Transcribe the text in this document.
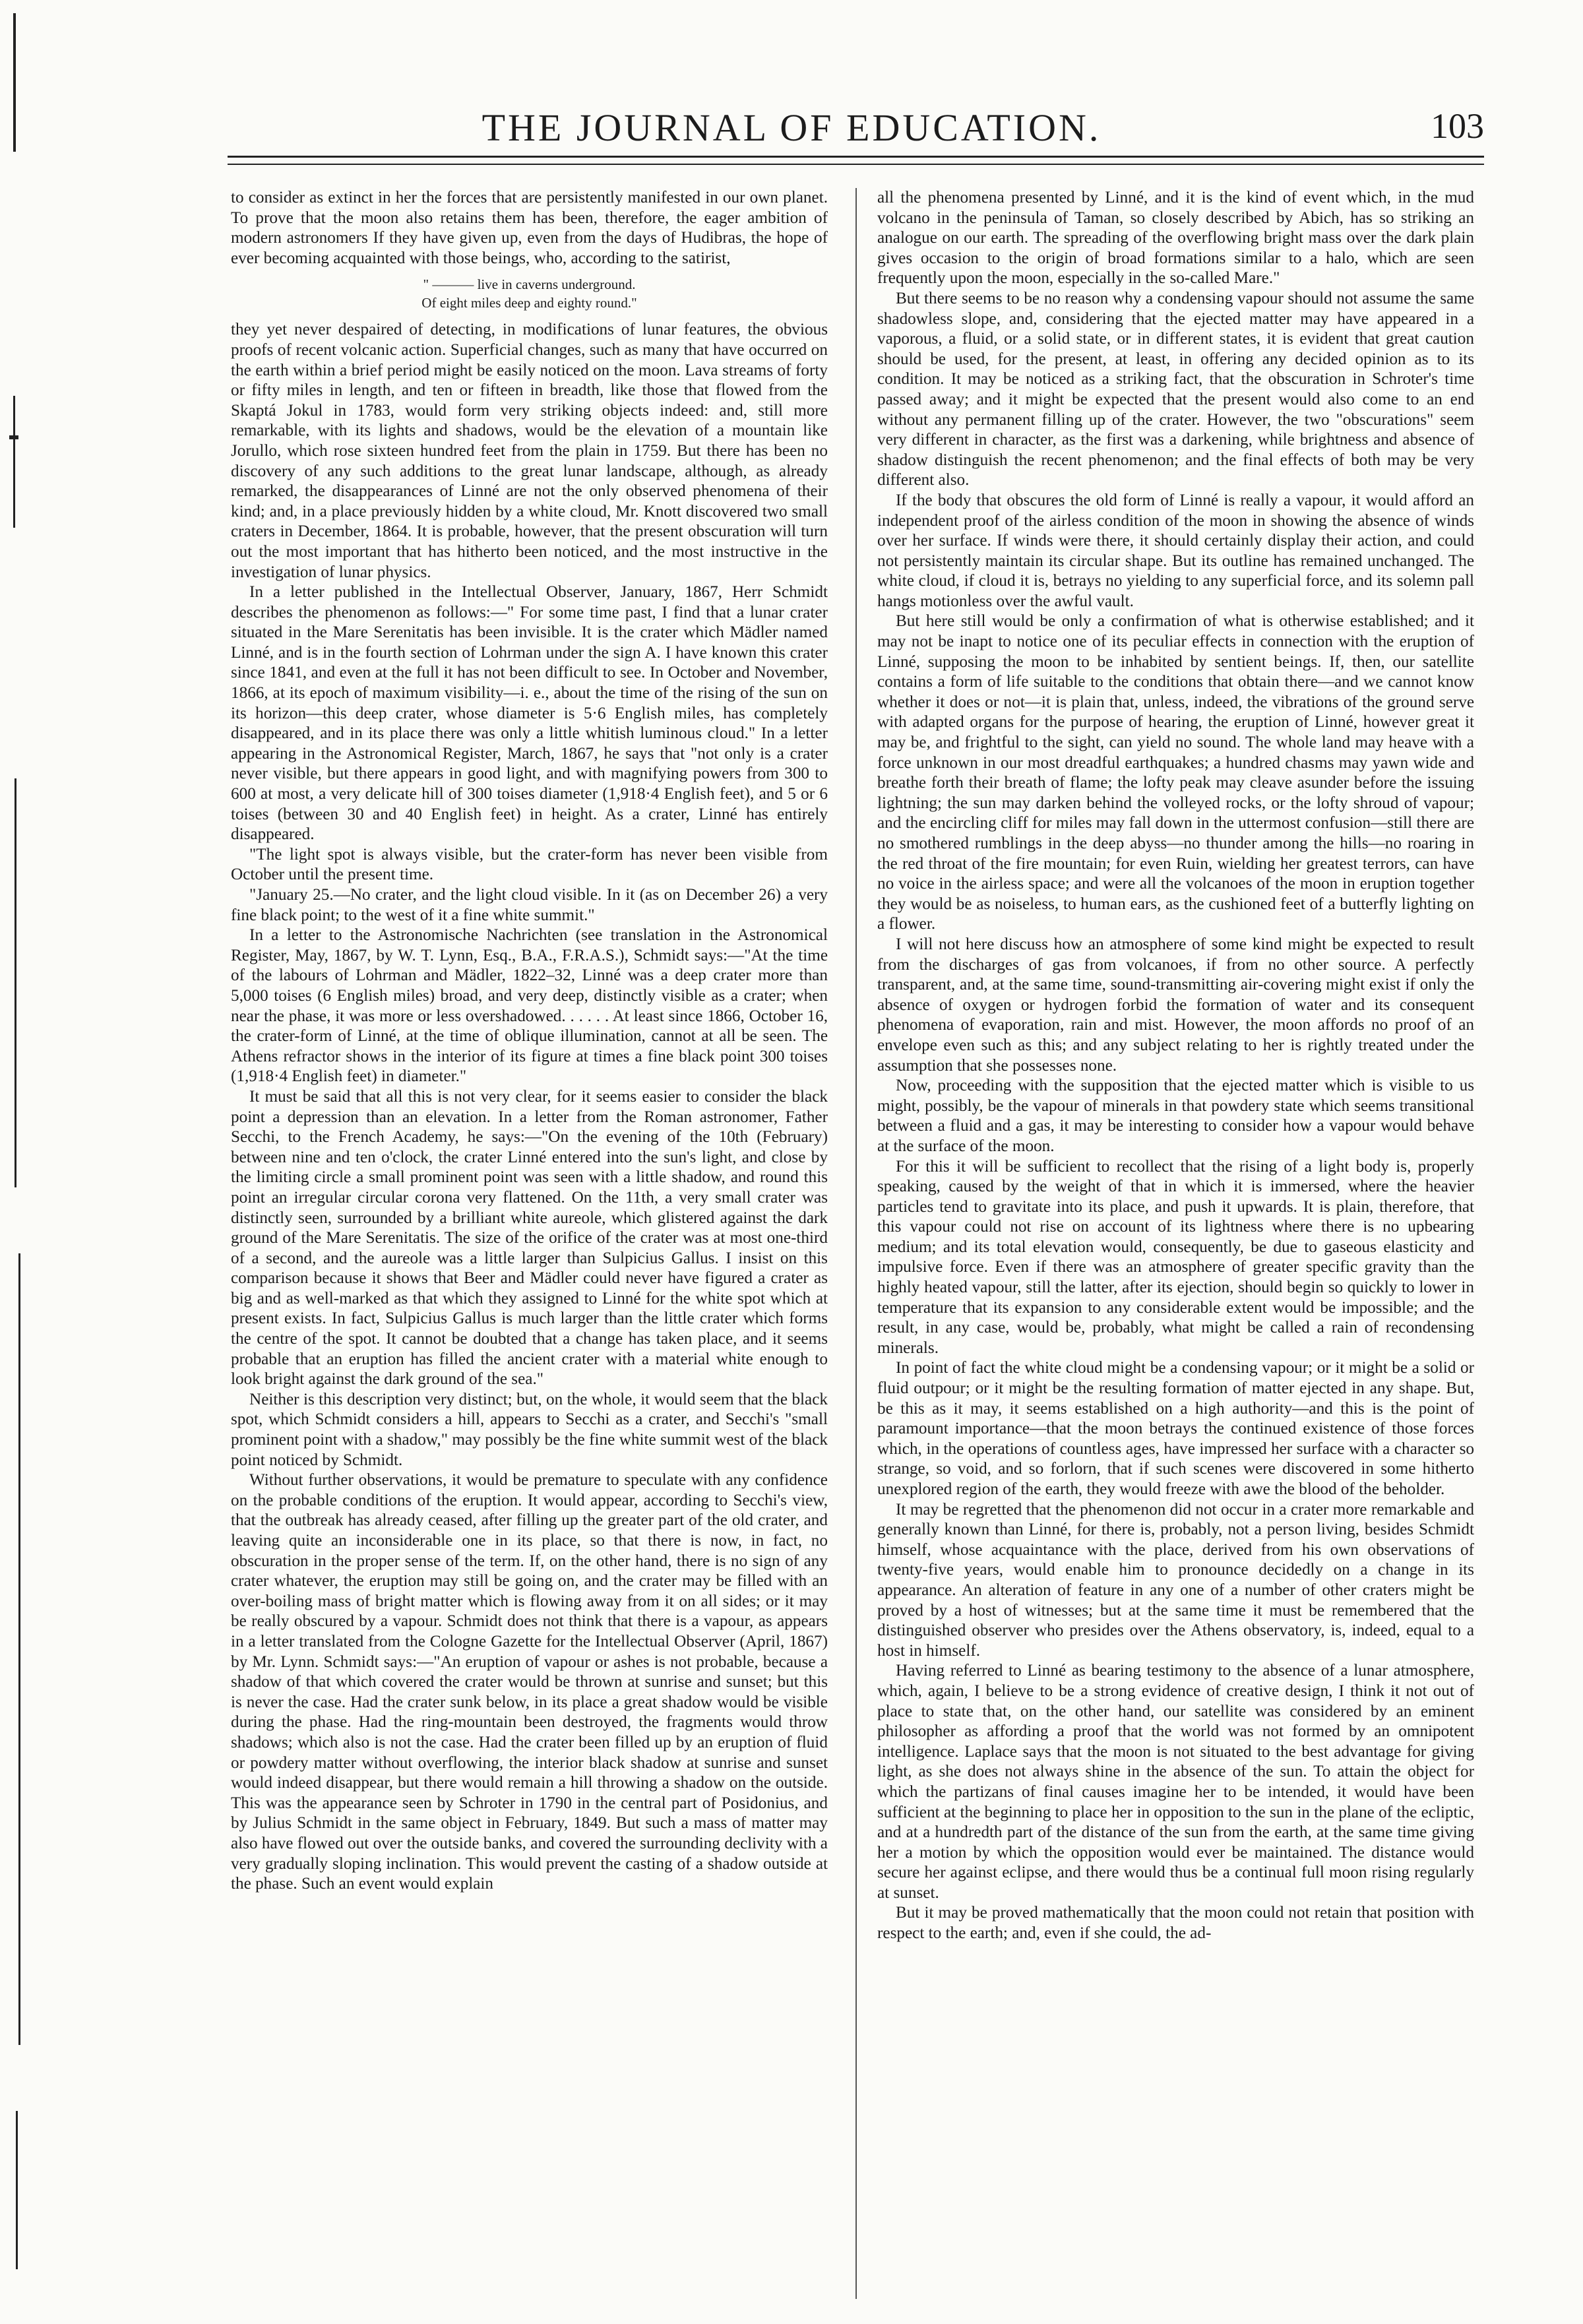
THE JOURNAL OF EDUCATION.	103

to consider as extinct in her the forces that are persistently manifested in our own planet. To prove that the moon also retains them has been, therefore, the eager ambition of modern astronomers If they have given up, even from the days of Hudibras, the hope of ever becoming acquainted with those beings, who, according to the satirist,

" ——— live in caverns underground.
Of eight miles deep and eighty round."

they yet never despaired of detecting, in modifications of lunar features, the obvious proofs of recent volcanic action. Superficial changes, such as many that have occurred on the earth within a brief period might be easily noticed on the moon. Lava streams of forty or fifty miles in length, and ten or fifteen in breadth, like those that flowed from the Skaptá Jokul in 1783, would form very striking objects indeed: and, still more remarkable, with its lights and shadows, would be the elevation of a mountain like Jorullo, which rose sixteen hundred feet from the plain in 1759. But there has been no discovery of any such additions to the great lunar landscape, although, as already remarked, the disappearances of Linné are not the only observed phenomena of their kind; and, in a place previously hidden by a white cloud, Mr. Knott discovered two small craters in December, 1864. It is probable, however, that the present obscuration will turn out the most important that has hitherto been noticed, and the most instructive in the investigation of lunar physics.

In a letter published in the Intellectual Observer, January, 1867, Herr Schmidt describes the phenomenon as follows:—" For some time past, I find that a lunar crater situated in the Mare Serenitatis has been invisible. It is the crater which Mädler named Linné, and is in the fourth section of Lohrman under the sign A. I have known this crater since 1841, and even at the full it has not been difficult to see. In October and November, 1866, at its epoch of maximum visibility—i. e., about the time of the rising of the sun on its horizon—this deep crater, whose diameter is 5·6 English miles, has completely disappeared, and in its place there was only a little whitish luminous cloud." In a letter appearing in the Astronomical Register, March, 1867, he says that "not only is a crater never visible, but there appears in good light, and with magnifying powers from 300 to 600 at most, a very delicate hill of 300 toises diameter (1,918·4 English feet), and 5 or 6 toises (between 30 and 40 English feet) in height. As a crater, Linné has entirely disappeared.

"The light spot is always visible, but the crater-form has never been visible from October until the present time.

"January 25.—No crater, and the light cloud visible. In it (as on December 26) a very fine black point; to the west of it a fine white summit."

In a letter to the Astronomische Nachrichten (see translation in the Astronomical Register, May, 1867, by W. T. Lynn, Esq., B.A., F.R.A.S.), Schmidt says:—"At the time of the labours of Lohrman and Mädler, 1822–32, Linné was a deep crater more than 5,000 toises (6 English miles) broad, and very deep, distinctly visible as a crater; when near the phase, it was more or less overshadowed. . . . . . At least since 1866, October 16, the crater-form of Linné, at the time of oblique illumination, cannot at all be seen. The Athens refractor shows in the interior of its figure at times a fine black point 300 toises (1,918·4 English feet) in diameter."

It must be said that all this is not very clear, for it seems easier to consider the black point a depression than an elevation. In a letter from the Roman astronomer, Father Secchi, to the French Academy, he says:—"On the evening of the 10th (February) between nine and ten o'clock, the crater Linné entered into the sun's light, and close by the limiting circle a small prominent point was seen with a little shadow, and round this point an irregular circular corona very flattened. On the 11th, a very small crater was distinctly seen, surrounded by a brilliant white aureole, which glistered against the dark ground of the Mare Serenitatis. The size of the orifice of the crater was at most one-third of a second, and the aureole was a little larger than Sulpicius Gallus. I insist on this comparison because it shows that Beer and Mädler could never have figured a crater as big and as well-marked as that which they assigned to Linné for the white spot which at present exists. In fact, Sulpicius Gallus is much larger than the little crater which forms the centre of the spot. It cannot be doubted that a change has taken place, and it seems probable that an eruption has filled the ancient crater with a material white enough to look bright against the dark ground of the sea."

Neither is this description very distinct; but, on the whole, it would seem that the black spot, which Schmidt considers a hill, appears to Secchi as a crater, and Secchi's "small prominent point with a shadow," may possibly be the fine white summit west of the black point noticed by Schmidt.

Without further observations, it would be premature to speculate with any confidence on the probable conditions of the eruption. It would appear, according to Secchi's view, that the outbreak has already ceased, after filling up the greater part of the old crater, and leaving quite an inconsiderable one in its place, so that there is now, in fact, no obscuration in the proper sense of the term. If, on the other hand, there is no sign of any crater whatever, the eruption may still be going on, and the crater may be filled with an over-boiling mass of bright matter which is flowing away from it on all sides; or it may be really obscured by a vapour. Schmidt does not think that there is a vapour, as appears in a letter translated from the Cologne Gazette for the Intellectual Observer (April, 1867) by Mr. Lynn. Schmidt says:—"An eruption of vapour or ashes is not probable, because a shadow of that which covered the crater would be thrown at sunrise and sunset; but this is never the case. Had the crater sunk below, in its place a great shadow would be visible during the phase. Had the ring-mountain been destroyed, the fragments would throw shadows; which also is not the case. Had the crater been filled up by an eruption of fluid or powdery matter without overflowing, the interior black shadow at sunrise and sunset would indeed disappear, but there would remain a hill throwing a shadow on the outside. This was the appearance seen by Schroter in 1790 in the central part of Posidonius, and by Julius Schmidt in the same object in February, 1849. But such a mass of matter may also have flowed out over the outside banks, and covered the surrounding declivity with a very gradually sloping inclination. This would prevent the casting of a shadow outside at the phase. Such an event would explain

all the phenomena presented by Linné, and it is the kind of event which, in the mud volcano in the peninsula of Taman, so closely described by Abich, has so striking an analogue on our earth. The spreading of the overflowing bright mass over the dark plain gives occasion to the origin of broad formations similar to a halo, which are seen frequently upon the moon, especially in the so-called Mare."

But there seems to be no reason why a condensing vapour should not assume the same shadowless slope, and, considering that the ejected matter may have appeared in a vaporous, a fluid, or a solid state, or in different states, it is evident that great caution should be used, for the present, at least, in offering any decided opinion as to its condition. It may be noticed as a striking fact, that the obscuration in Schroter's time passed away; and it might be expected that the present would also come to an end without any permanent filling up of the crater. However, the two "obscurations" seem very different in character, as the first was a darkening, while brightness and absence of shadow distinguish the recent phenomenon; and the final effects of both may be very different also.

If the body that obscures the old form of Linné is really a vapour, it would afford an independent proof of the airless condition of the moon in showing the absence of winds over her surface. If winds were there, it should certainly display their action, and could not persistently maintain its circular shape. But its outline has remained unchanged. The white cloud, if cloud it is, betrays no yielding to any superficial force, and its solemn pall hangs motionless over the awful vault.

But here still would be only a confirmation of what is otherwise established; and it may not be inapt to notice one of its peculiar effects in connection with the eruption of Linné, supposing the moon to be inhabited by sentient beings. If, then, our satellite contains a form of life suitable to the conditions that obtain there—and we cannot know whether it does or not—it is plain that, unless, indeed, the vibrations of the ground serve with adapted organs for the purpose of hearing, the eruption of Linné, however great it may be, and frightful to the sight, can yield no sound. The whole land may heave with a force unknown in our most dreadful earthquakes; a hundred chasms may yawn wide and breathe forth their breath of flame; the lofty peak may cleave asunder before the issuing lightning; the sun may darken behind the volleyed rocks, or the lofty shroud of vapour; and the encircling cliff for miles may fall down in the uttermost confusion—still there are no smothered rumblings in the deep abyss—no thunder among the hills—no roaring in the red throat of the fire mountain; for even Ruin, wielding her greatest terrors, can have no voice in the airless space; and were all the volcanoes of the moon in eruption together they would be as noiseless, to human ears, as the cushioned feet of a butterfly lighting on a flower.

I will not here discuss how an atmosphere of some kind might be expected to result from the discharges of gas from volcanoes, if from no other source. A perfectly transparent, and, at the same time, sound-transmitting air-covering might exist if only the absence of oxygen or hydrogen forbid the formation of water and its consequent phenomena of evaporation, rain and mist. However, the moon affords no proof of an envelope even such as this; and any subject relating to her is rightly treated under the assumption that she possesses none.

Now, proceeding with the supposition that the ejected matter which is visible to us might, possibly, be the vapour of minerals in that powdery state which seems transitional between a fluid and a gas, it may be interesting to consider how a vapour would behave at the surface of the moon.

For this it will be sufficient to recollect that the rising of a light body is, properly speaking, caused by the weight of that in which it is immersed, where the heavier particles tend to gravitate into its place, and push it upwards. It is plain, therefore, that this vapour could not rise on account of its lightness where there is no upbearing medium; and its total elevation would, consequently, be due to gaseous elasticity and impulsive force. Even if there was an atmosphere of greater specific gravity than the highly heated vapour, still the latter, after its ejection, should begin so quickly to lower in temperature that its expansion to any considerable extent would be impossible; and the result, in any case, would be, probably, what might be called a rain of recondensing minerals.

In point of fact the white cloud might be a condensing vapour; or it might be a solid or fluid outpour; or it might be the resulting formation of matter ejected in any shape. But, be this as it may, it seems established on a high authority—and this is the point of paramount importance—that the moon betrays the continued existence of those forces which, in the operations of countless ages, have impressed her surface with a character so strange, so void, and so forlorn, that if such scenes were discovered in some hitherto unexplored region of the earth, they would freeze with awe the blood of the beholder.

It may be regretted that the phenomenon did not occur in a crater more remarkable and generally known than Linné, for there is, probably, not a person living, besides Schmidt himself, whose acquaintance with the place, derived from his own observations of twenty-five years, would enable him to pronounce decidedly on a change in its appearance. An alteration of feature in any one of a number of other craters might be proved by a host of witnesses; but at the same time it must be remembered that the distinguished observer who presides over the Athens observatory, is, indeed, equal to a host in himself.

Having referred to Linné as bearing testimony to the absence of a lunar atmosphere, which, again, I believe to be a strong evidence of creative design, I think it not out of place to state that, on the other hand, our satellite was considered by an eminent philosopher as affording a proof that the world was not formed by an omnipotent intelligence. Laplace says that the moon is not situated to the best advantage for giving light, as she does not always shine in the absence of the sun. To attain the object for which the partizans of final causes imagine her to be intended, it would have been sufficient at the beginning to place her in opposition to the sun in the plane of the ecliptic, and at a hundredth part of the distance of the sun from the earth, at the same time giving her a motion by which the opposition would ever be maintained. The distance would secure her against eclipse, and there would thus be a continual full moon rising regularly at sunset.

But it may be proved mathematically that the moon could not retain that position with respect to the earth; and, even if she could, the ad-
